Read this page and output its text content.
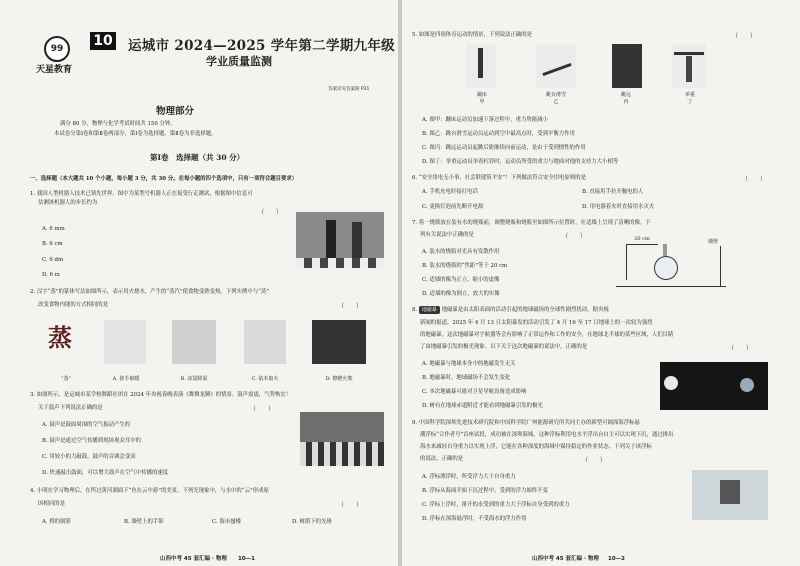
99
天星教育
10 运城市 2024—2025 学年第二学期九年级
学业质量监测
答案详见答案册 P31
物理部分
满分 80 分，物理与化学考试时间共 150 分钟。
本试卷分第Ⅰ卷和第Ⅱ卷两部分，第Ⅰ卷为选择题，第Ⅱ卷为非选择题。
第Ⅰ卷　选择题（共 30 分）
一、选择题（本大题共 10 个小题，每小题 3 分，共 30 分。在每小题的四个选项中，只有一项符合题目要求）
1. 我国人型机器人技术已领先世界。图中为某型号机器人正在接受行走测试，根据图中信息可
估测该机器人的步长约为
（　　）
A. 6 mm
B. 6 cm
C. 6 dm
D. 6 m
2. 汉字“蒸”的篆体写法如图所示，表示用火烧水，产生的“蒸汽”使食物变熟变热。下列实例中与“蒸”
改变食物内能的方式相同的是	（　　）
蒸
“蒸”	A. 搓手取暖	B. 冰袋降温	C. 钻木取火	D. 擦燃火柴
3. 如图所示，是运城市某学校舞蹈社团在 2024 年央视春晚表演《舞舞龙腾》的情景。鼓声震震，气势恢宏！
关于鼓声下列说法正确的是	（　　）
A. 鼓声是鼓面周围的空气振动产生的
B. 鼓声是通过空气传播到现场观众耳中的
C. 用较小的力敲鼓，鼓声的音调会变高
D. 快速敲击鼓面，可以增大鼓声在空气中传播的速度
4. 小明在学习物理后，在所过黄河湖面下“鱼在云中游”的美景。下列光现象中，与水中的“云”形成原
因相同的是	（　　）
A. 桥的倒影	B. 墙壁上的手影	C. 海市蜃楼	D. 树荫下的光斑
山西中考 45 套汇编 · 物理 10—1
5. 如图是四项体育运动的情景，下列说法正确的是	（　　）
蹦床
甲
跳台滑雪
乙
跳远
丙
举重
丁
A. 图甲：蹦床运动员加速下落过程中，重力势能减小
B. 图乙：跳台滑雪运动员运动到空中最高点时，受到平衡力作用
C. 图丙：跳远运动员起跳后能继续向前运动，是由于受到惯性的作用
D. 图丁：举重运动员举着杠铃时，运动员所受的重力与地面对他的支持力大小相等
6. “安全用电无小事，社会联建筑平安”！下列做法符合安全用电原则的是	（　　）
A. 手机充电时接打电话	B. 直接用手拉开触电的人
C. 更换灯泡前先断开电源	D. 用电器着火时直接用水灭火
7. 将一烧瓶放在装有水的烧瓶前，调整烧瓶和烧瓶至如图所示位置时，在适墙上呈现了清晰的像。下
列有关说法中正确的是	（　　）
A. 装水的烧瓶对光具有发散作用
B. 装水的烧瓶的“焦距”等于 20 cm
C. 适墙的像为正立、缩小的虚像
D. 适墙的像为倒立、放大的实像
20 cm	墙壁
8. 地磁暴 地磁暴是由太阳表面的活动引起的地球磁场的全球性剧烈扰动。据央视
新闻的报道，2025 年 4 月 13 日太阳暴发的活动引发了 4 月 16 至 17 日地球上的一次较为强烈
的地磁暴。这次地磁暴对宇航器等会有影响了正常运作和工作的安全，在地球北半球的某些区域，人们目睹
了由地磁暴引发的极光现象。以下关于这次地磁暴的说法中，正确的是	（　　）
A. 地磁暴与地球本身中的地磁发生无关
B. 地磁暴时，地球磁场不会发生变化
C. 本次地磁暴可能对卫星导航设备造成影响
D. 树有在地球赤道附近才能看到地磁暴引发的极光
9. 中国科学院深圳先进技术研究院和中国科学院广州能源研究所共同主办的新型可调深海浮标悬
潮浮标“合作者号”首座试投，成功被在深圳海域。这种浮标利用电水平浮出台自主可以实现下沉，通过排出
海水来减轻自身重力以实现上浮，它能在各种深度的海域中保持稳定的作业状态。下列关于该浮标
的说法，正确的是	（　　）
A. 浮标漂浮时，所受浮力大于自身重力
B. 浮标从海面开始下沉过程中，受到的浮力始终不变
C. 浮标上浮时，排开的水受到的重力大于浮标自身受到的重力
D. 浮标在深海悬浮时，不受海水的浮力作用
山西中考 45 套汇编 · 物理 10—2
